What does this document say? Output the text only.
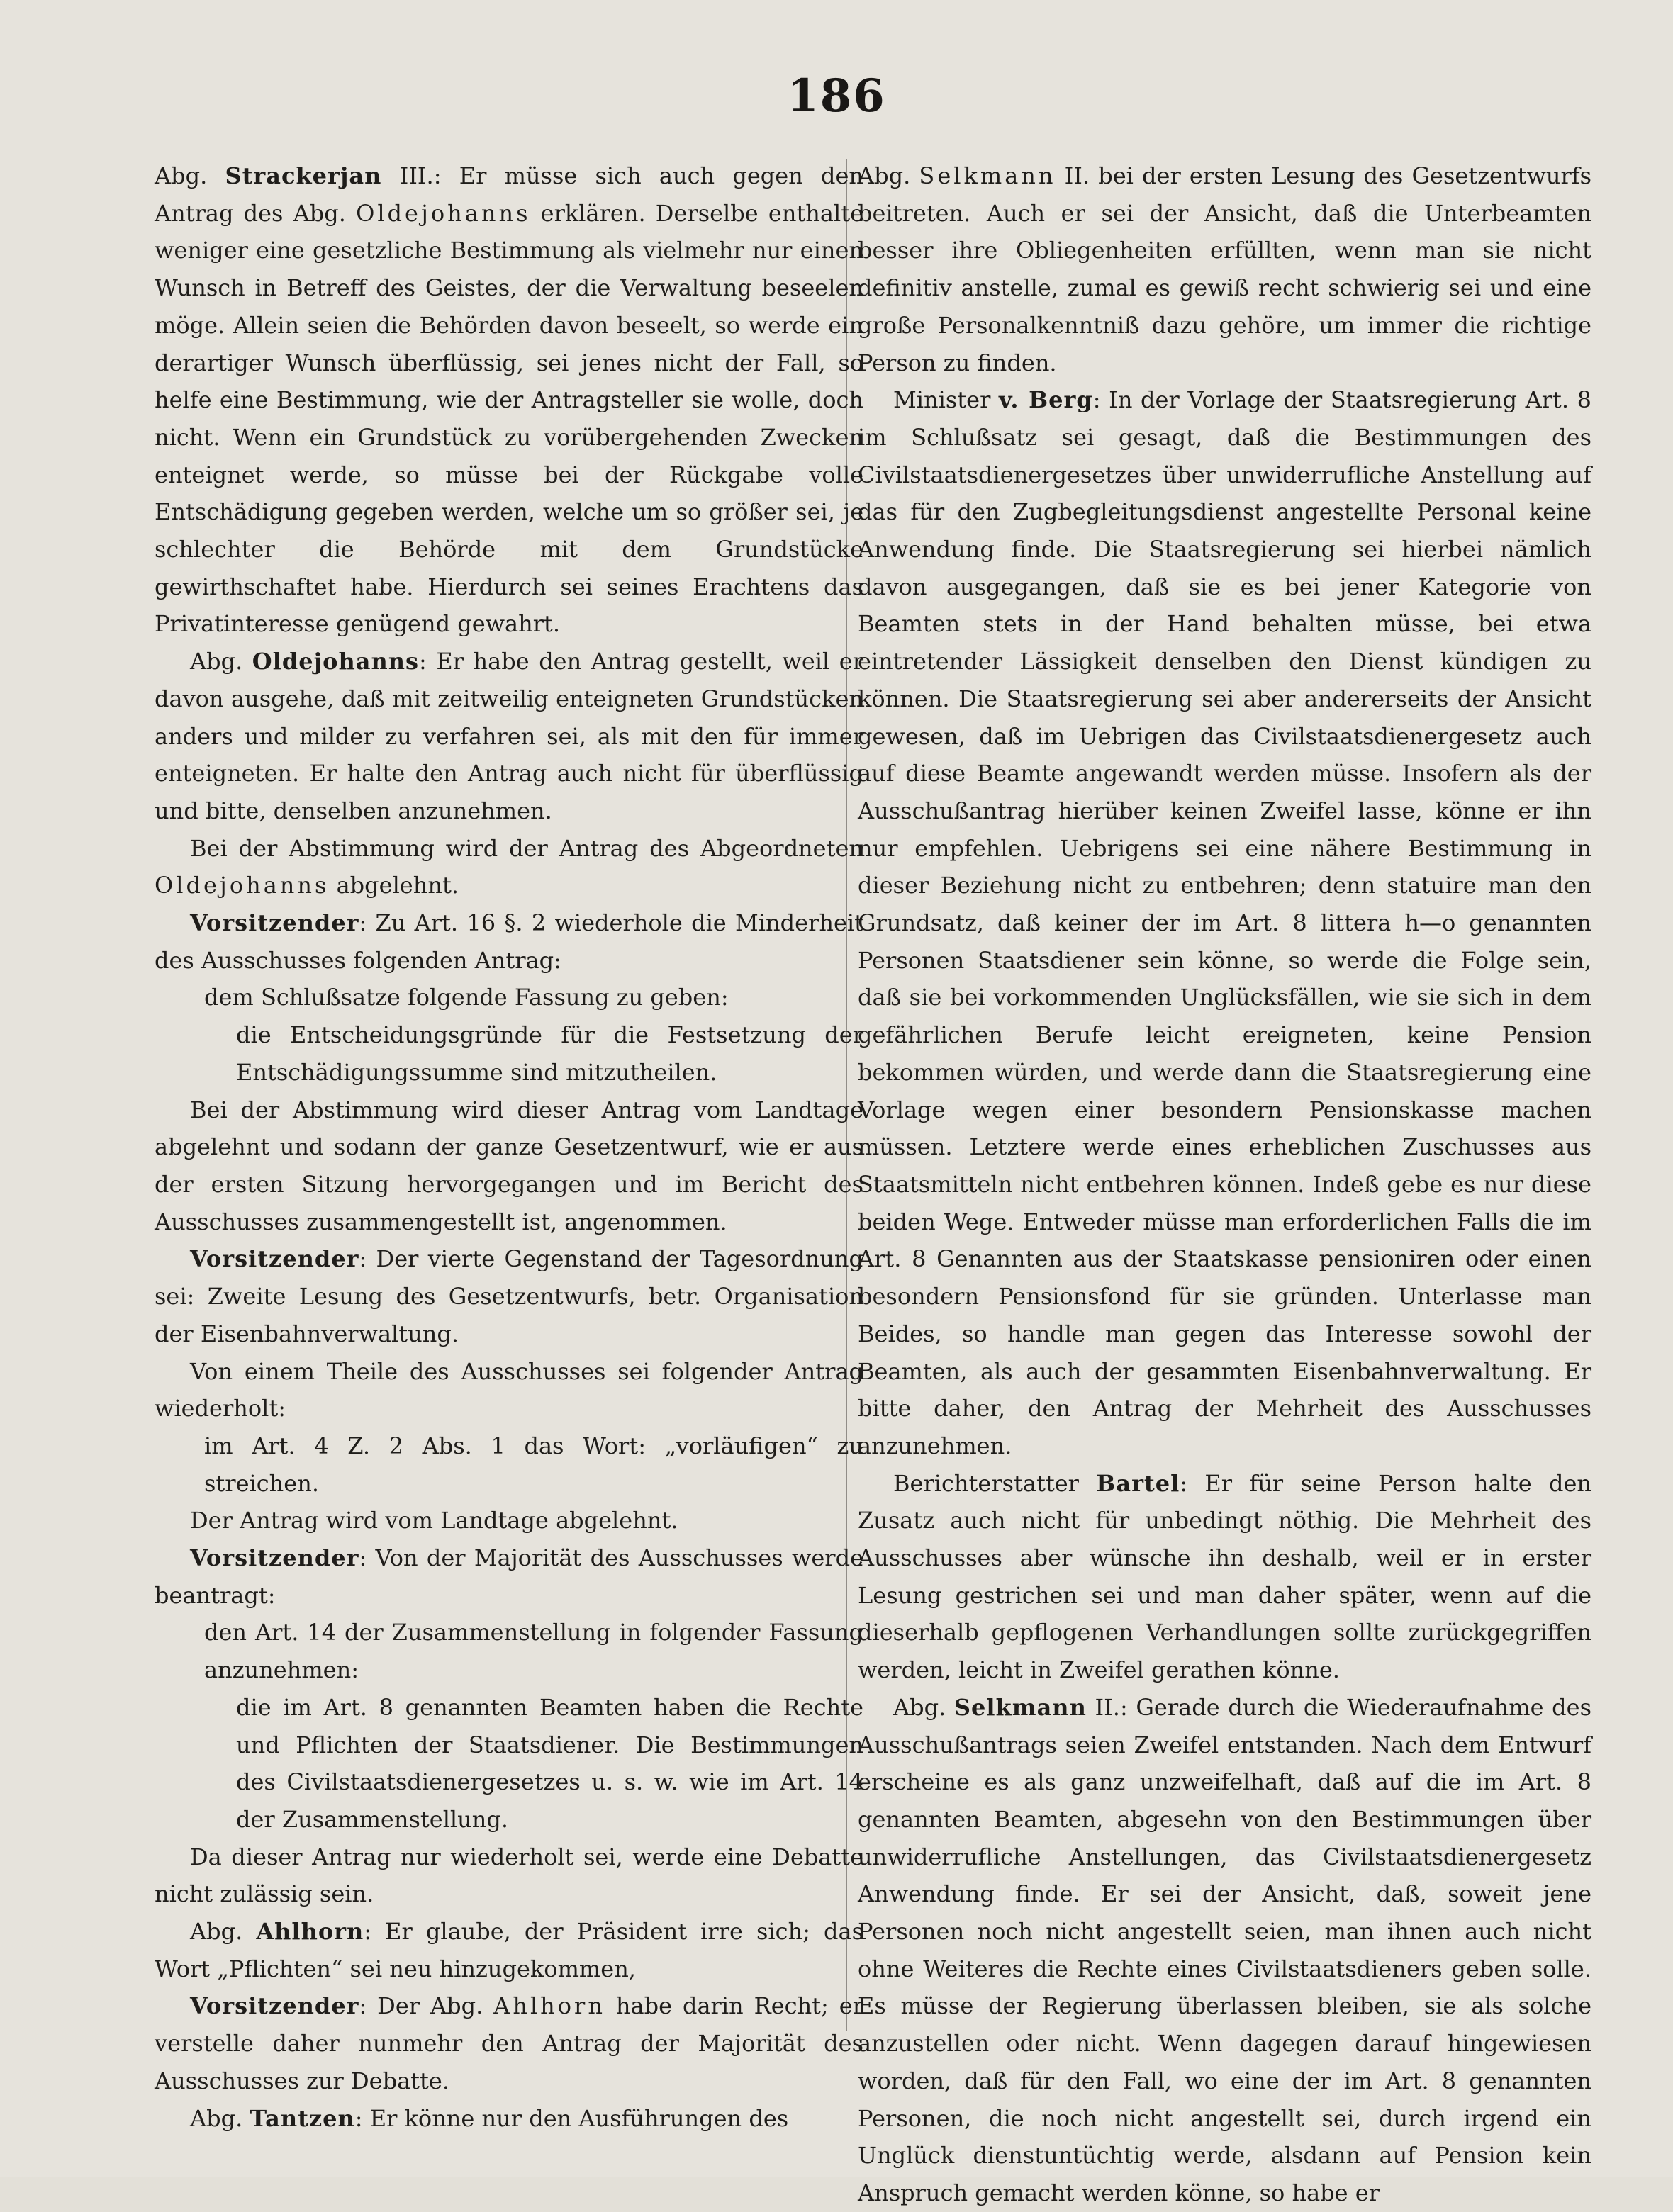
186

Abg. Strackerjan III.: Er müsse sich auch gegen den Antrag des Abg. Oldejohanns erklären. Derselbe enthalte weniger eine gesetzliche Bestimmung als vielmehr nur einen Wunsch in Betreff des Geistes, der die Verwaltung beseelen möge. Allein seien die Behörden davon beseelt, so werde ein derartiger Wunsch überflüssig, sei jenes nicht der Fall, so helfe eine Bestimmung, wie der Antragsteller sie wolle, doch nicht. Wenn ein Grundstück zu vorübergehenden Zwecken enteignet werde, so müsse bei der Rückgabe volle Entschädigung gegeben werden, welche um so größer sei, je schlechter die Behörde mit dem Grundstücke gewirthschaftet habe. Hierdurch sei seines Erachtens das Privatinteresse genügend gewahrt.

Abg. Oldejohanns: Er habe den Antrag gestellt, weil er davon ausgehe, daß mit zeitweilig enteigneten Grundstücken anders und milder zu verfahren sei, als mit den für immer enteigneten. Er halte den Antrag auch nicht für überflüssig und bitte, denselben anzunehmen.

Bei der Abstimmung wird der Antrag des Abgeordneten Oldejohanns abgelehnt.

Vorsitzender: Zu Art. 16 §. 2 wiederhole die Minderheit des Ausschusses folgenden Antrag:

dem Schlußsatze folgende Fassung zu geben:

die Entscheidungsgründe für die Festsetzung der Entschädigungssumme sind mitzutheilen.

Bei der Abstimmung wird dieser Antrag vom Landtage abgelehnt und sodann der ganze Gesetzentwurf, wie er aus der ersten Sitzung hervorgegangen und im Bericht des Ausschusses zusammengestellt ist, angenommen.

Vorsitzender: Der vierte Gegenstand der Tagesordnung sei: Zweite Lesung des Gesetzentwurfs, betr. Organisation der Eisenbahnverwaltung.

Von einem Theile des Ausschusses sei folgender Antrag wiederholt:

im Art. 4 Z. 2 Abs. 1 das Wort: „vorläufigen“ zu streichen.

Der Antrag wird vom Landtage abgelehnt.

Vorsitzender: Von der Majorität des Ausschusses werde beantragt:

den Art. 14 der Zusammenstellung in folgender Fassung anzunehmen:

die im Art. 8 genannten Beamten haben die Rechte und Pflichten der Staatsdiener. Die Bestimmungen des Civilstaatsdienergesetzes u. s. w. wie im Art. 14 der Zusammenstellung.

Da dieser Antrag nur wiederholt sei, werde eine Debatte nicht zulässig sein.

Abg. Ahlhorn: Er glaube, der Präsident irre sich; das Wort „Pflichten“ sei neu hinzugekommen,

Vorsitzender: Der Abg. Ahlhorn habe darin Recht; er verstelle daher nunmehr den Antrag der Majorität des Ausschusses zur Debatte.

Abg. Tantzen: Er könne nur den Ausführungen des

Abg. Selkmann II. bei der ersten Lesung des Gesetzentwurfs beitreten. Auch er sei der Ansicht, daß die Unterbeamten besser ihre Obliegenheiten erfüllten, wenn man sie nicht definitiv anstelle, zumal es gewiß recht schwierig sei und eine große Personalkenntniß dazu gehöre, um immer die richtige Person zu finden.

Minister v. Berg: In der Vorlage der Staatsregierung Art. 8 im Schlußsatz sei gesagt, daß die Bestimmungen des Civilstaatsdienergesetzes über unwiderrufliche Anstellung auf das für den Zugbegleitungsdienst angestellte Personal keine Anwendung finde. Die Staatsregierung sei hierbei nämlich davon ausgegangen, daß sie es bei jener Kategorie von Beamten stets in der Hand behalten müsse, bei etwa eintretender Lässigkeit denselben den Dienst kündigen zu können. Die Staatsregierung sei aber andererseits der Ansicht gewesen, daß im Uebrigen das Civilstaatsdienergesetz auch auf diese Beamte angewandt werden müsse. Insofern als der Ausschußantrag hierüber keinen Zweifel lasse, könne er ihn nur empfehlen. Uebrigens sei eine nähere Bestimmung in dieser Beziehung nicht zu entbehren; denn statuire man den Grundsatz, daß keiner der im Art. 8 littera h—o genannten Personen Staatsdiener sein könne, so werde die Folge sein, daß sie bei vorkommenden Unglücksfällen, wie sie sich in dem gefährlichen Berufe leicht ereigneten, keine Pension bekommen würden, und werde dann die Staatsregierung eine Vorlage wegen einer besondern Pensionskasse machen müssen. Letztere werde eines erheblichen Zuschusses aus Staatsmitteln nicht entbehren können. Indeß gebe es nur diese beiden Wege. Entweder müsse man erforderlichen Falls die im Art. 8 Genannten aus der Staatskasse pensioniren oder einen besondern Pensionsfond für sie gründen. Unterlasse man Beides, so handle man gegen das Interesse sowohl der Beamten, als auch der gesammten Eisenbahnverwaltung. Er bitte daher, den Antrag der Mehrheit des Ausschusses anzunehmen.

Berichterstatter Bartel: Er für seine Person halte den Zusatz auch nicht für unbedingt nöthig. Die Mehrheit des Ausschusses aber wünsche ihn deshalb, weil er in erster Lesung gestrichen sei und man daher später, wenn auf die dieserhalb gepflogenen Verhandlungen sollte zurückgegriffen werden, leicht in Zweifel gerathen könne.

Abg. Selkmann II.: Gerade durch die Wiederaufnahme des Ausschußantrags seien Zweifel entstanden. Nach dem Entwurf erscheine es als ganz unzweifelhaft, daß auf die im Art. 8 genannten Beamten, abgesehn von den Bestimmungen über unwiderrufliche Anstellungen, das Civilstaatsdienergesetz Anwendung finde. Er sei der Ansicht, daß, soweit jene Personen noch nicht angestellt seien, man ihnen auch nicht ohne Weiteres die Rechte eines Civilstaatsdieners geben solle. Es müsse der Regierung überlassen bleiben, sie als solche anzustellen oder nicht. Wenn dagegen darauf hingewiesen worden, daß für den Fall, wo eine der im Art. 8 genannten Personen, die noch nicht angestellt sei, durch irgend ein Unglück dienstuntüchtig werde, alsdann auf Pension kein Anspruch gemacht werden könne, so habe er
